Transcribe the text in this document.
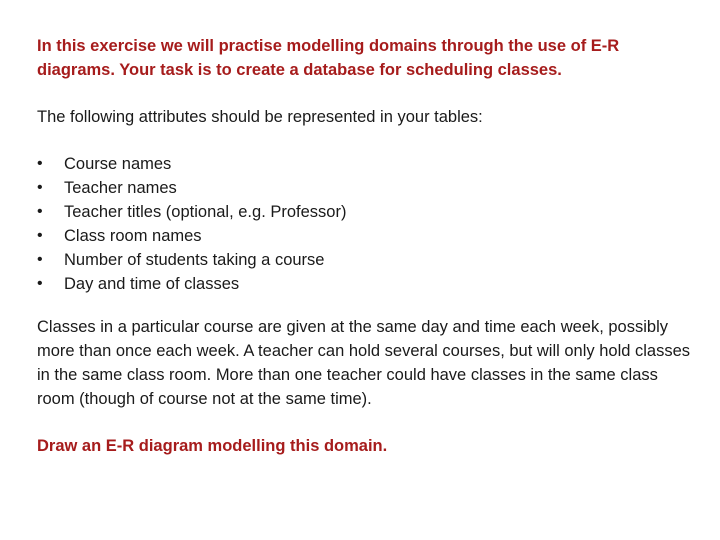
In this exercise we will practise modelling domains through the use of E-R diagrams. Your task is to create a database for scheduling classes.

The following attributes should be represented in your tables:

• Course names
• Teacher names
• Teacher titles (optional, e.g. Professor)
• Class room names
• Number of students taking a course
• Day and time of classes

Classes in a particular course are given at the same day and time each week, possibly more than once each week. A teacher can hold several courses, but will only hold classes in the same class room. More than one teacher could have classes in the same class room (though of course not at the same time).

Draw an E-R diagram modelling this domain.
